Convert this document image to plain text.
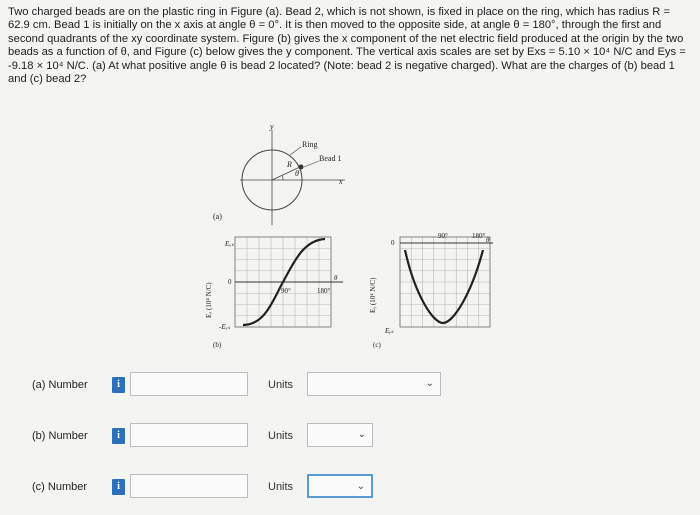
Two charged beads are on the plastic ring in Figure (a). Bead 2, which is not shown, is fixed in place on the ring, which has radius R = 62.9 cm. Bead 1 is initially on the x axis at angle θ = 0°. It is then moved to the opposite side, at angle θ = 180°, through the first and second quadrants of the xy coordinate system. Figure (b) gives the x component of the net electric field produced at the origin by the two beads as a function of θ, and Figure (c) below gives the y component. The vertical axis scales are set by Exs = 5.10 × 10⁴ N/C and Eys = -9.18 × 10⁴ N/C. (a) At what positive angle θ is bead 2 located? (Note: bead 2 is negative charged). What are the charges of (b) bead 1 and (c) bead 2?
y
Ring
Bead 1
R
θ
x
(a)
Eₓₛ
0
-Eₓₛ
90°	180°
θ
Eₓ (10⁴ N/C)
(b)
0
90°	180° θ
Eᵧₛ
Eᵧ (10⁴ N/C)
(c)
(a) Number	i	Units	⌄
(b) Number	i	Units	⌄
(c) Number	i	Units	⌄
